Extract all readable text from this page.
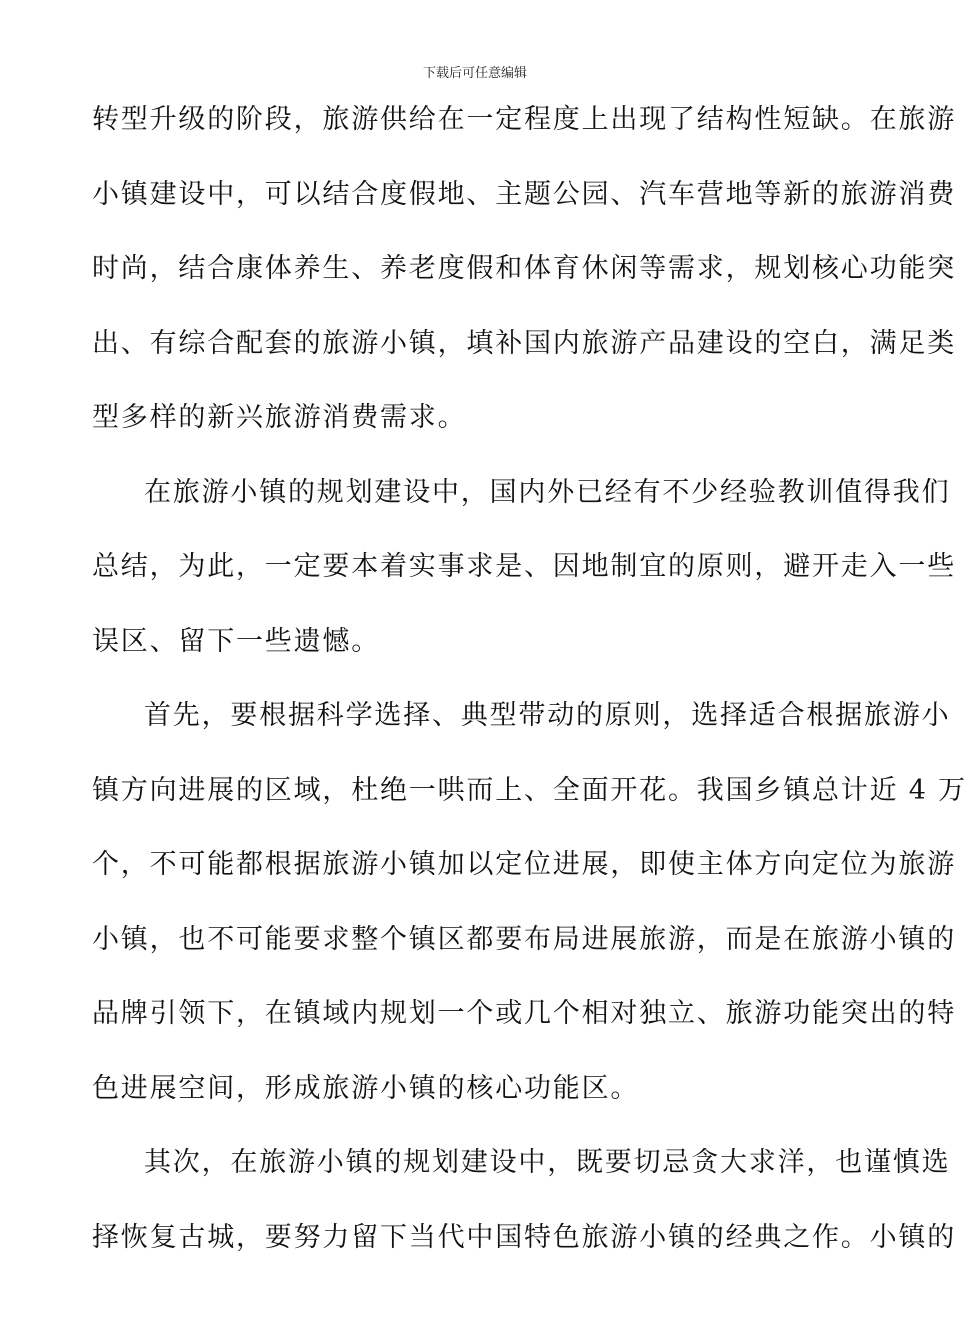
下载后可任意编辑
转型升级的阶段，旅游供给在一定程度上出现了结构性短缺。在旅游
小镇建设中，可以结合度假地、主题公园、汽车营地等新的旅游消费
时尚，结合康体养生、养老度假和体育休闲等需求，规划核心功能突
出、有综合配套的旅游小镇，填补国内旅游产品建设的空白，满足类
型多样的新兴旅游消费需求。
在旅游小镇的规划建设中，国内外已经有不少经验教训值得我们
总结，为此，一定要本着实事求是、因地制宜的原则，避开走入一些
误区、留下一些遗憾。
首先，要根据科学选择、典型带动的原则，选择适合根据旅游小
镇方向进展的区域，杜绝一哄而上、全面开花。我国乡镇总计近 4 万
个，不可能都根据旅游小镇加以定位进展，即使主体方向定位为旅游
小镇，也不可能要求整个镇区都要布局进展旅游，而是在旅游小镇的
品牌引领下，在镇域内规划一个或几个相对独立、旅游功能突出的特
色进展空间，形成旅游小镇的核心功能区。
其次，在旅游小镇的规划建设中，既要切忌贪大求洋，也谨慎选
择恢复古城，要努力留下当代中国特色旅游小镇的经典之作。小镇的
